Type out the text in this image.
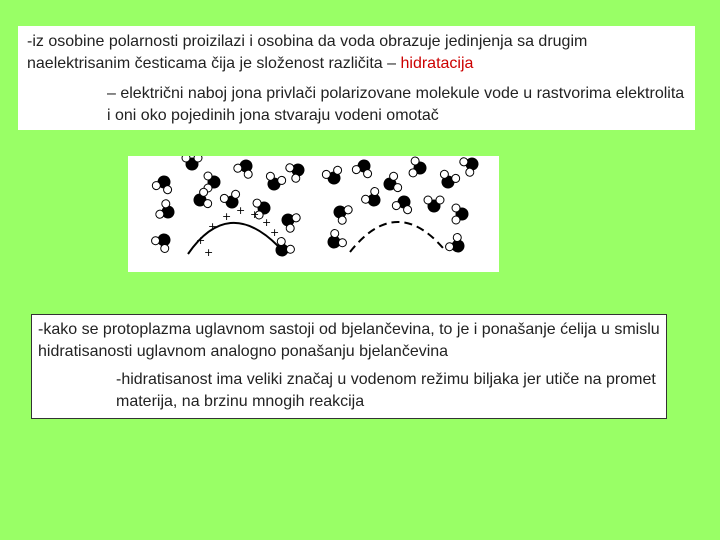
-iz osobine polarnosti proizilazi i osobina da voda obrazuje jedinjenja sa drugim naelektrisanim česticama čija je složenost različita – hidratacija

– električni naboj jona privlači polarizovane molekule vode u rastvorima elektrolita i oni oko pojedinih jona stvaraju vodeni omotač

+
+
+ + +
+
+
+

-kako se protoplazma uglavnom sastoji od bjelančevina, to je i ponašanje ćelija u smislu hidratisanosti uglavnom analogno ponašanju bjelančevina

-hidratisanost ima veliki značaj u vodenom režimu biljaka jer utiče na promet materija, na brzinu mnogih reakcija
